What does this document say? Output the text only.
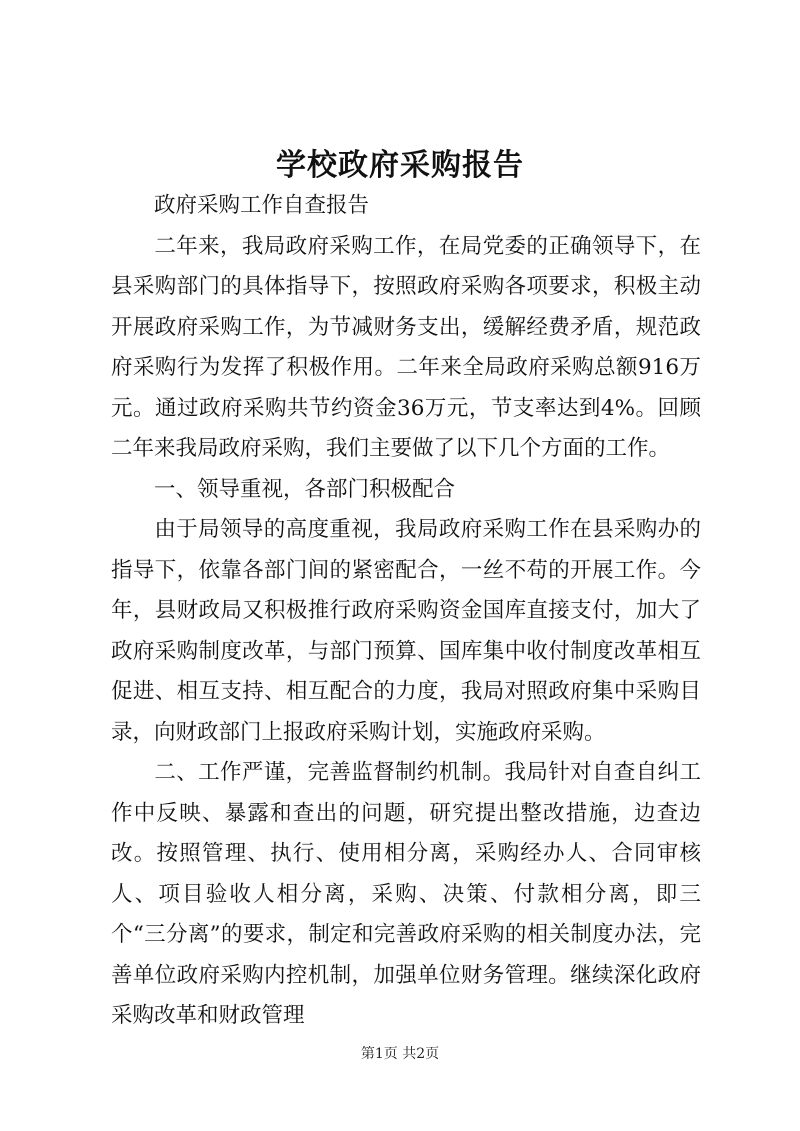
学校政府采购报告

政府采购工作自查报告

二年来，我局政府采购工作，在局党委的正确领导下，在县采购部门的具体指导下，按照政府采购各项要求，积极主动开展政府采购工作，为节减财务支出，缓解经费矛盾，规范政府采购行为发挥了积极作用。二年来全局政府采购总额916万元。通过政府采购共节约资金36万元，节支率达到4%。回顾二年来我局政府采购，我们主要做了以下几个方面的工作。

一、领导重视，各部门积极配合

由于局领导的高度重视，我局政府采购工作在县采购办的指导下，依靠各部门间的紧密配合，一丝不苟的开展工作。今年，县财政局又积极推行政府采购资金国库直接支付，加大了政府采购制度改革，与部门预算、国库集中收付制度改革相互促进、相互支持、相互配合的力度，我局对照政府集中采购目录，向财政部门上报政府采购计划，实施政府采购。

二、工作严谨，完善监督制约机制。我局针对自查自纠工作中反映、暴露和查出的问题，研究提出整改措施，边查边改。按照管理、执行、使用相分离，采购经办人、合同审核人、项目验收人相分离，采购、决策、付款相分离，即三个“三分离”的要求，制定和完善政府采购的相关制度办法，完善单位政府采购内控机制，加强单位财务管理。继续深化政府采购改革和财政管理

第1页 共2页
